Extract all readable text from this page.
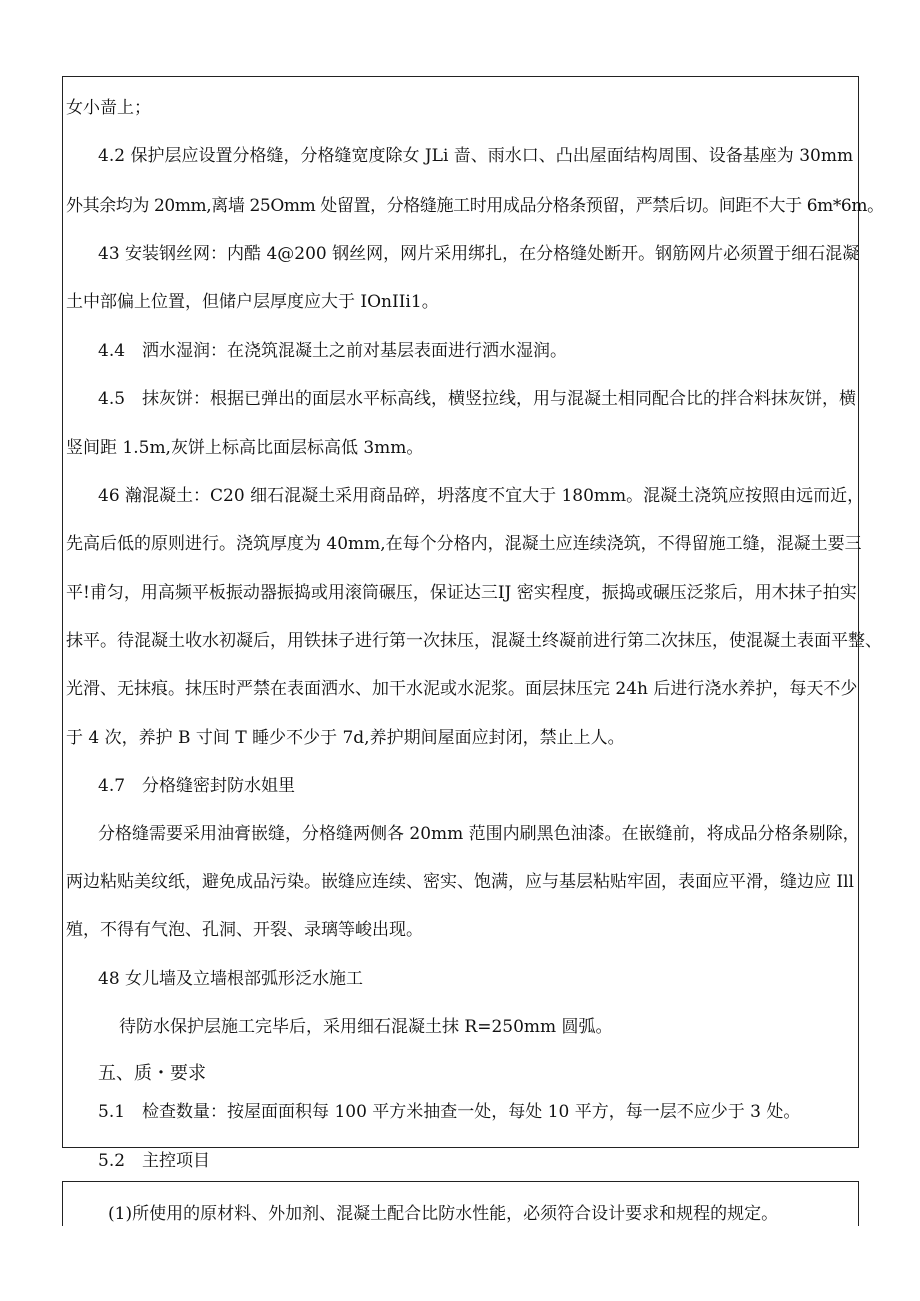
女小啬上；
4.2 保护层应设置分格缝，分格缝宽度除女 JLi 啬、雨水口、凸出屋面结构周围、设备基座为 30mm
外其余均为 20mm,离墙 25O​mm 处留置，分格缝施工时用成品分格条预留，严禁后切。间距不大于 6m*6m。
43 安装钢丝网：内酷 4@200 钢丝网，网片采用绑扎，在分格缝处断开。钢筋网片必须置于细石混凝
土中部偏上位置，但储户层厚度应大于 IOnIIi1。
4.4　洒水湿润：在浇筑混凝土之前对基层表面进行洒水湿润。
4.5　抹灰饼：根据已弹出的面层水平标高线，横竖拉线，用与混凝土相同配合比的拌合料抹灰饼，横
竖间距 1.5m,灰饼上标高比面层标高低 3mm。
46 瀚混凝土：C20 细石混凝土采用商品碎，坍落度不宜大于 180mm。混凝土浇筑应按照由远而近，
先高后低的原则进行。浇筑厚度为 40mm,在每个分格内，混凝土应连续浇筑，不得留施工缝，混凝土要三
平!甫匀，用高频平板振动器振捣或用滚筒碾压，保证达三IJ 密实程度，振捣或碾压泛浆后，用木抹子拍实
抹平。待混凝土收水初凝后，用铁抹子进行第一次抹压，混凝土终凝前进行第二次抹压，使混凝土表面平整、
光滑、无抹痕。抹压时严禁在表面洒水、加干水泥或水泥浆。面层抹压完 24h 后进行浇水养护，每天不少
于 4 次，养护 B 寸间 T 睡少不少于 7d,养护期间屋面应封闭，禁止上人。
4.7　分格缝密封防水姐里
分格缝需要采用油膏嵌缝，分格缝两侧各 20mm 范围内刷黑色油漆。在嵌缝前，将成品分格条剔除，
两边粘贴美纹纸，避免成品污染。嵌缝应连续、密实、饱满，应与基层粘贴牢固，表面应平滑，缝边应 Ill
殖，不得有气泡、孔洞、开裂、录璃等峻出现。
48 女儿墙及立墙根部弧形泛水施工
待防水保护层施工完毕后，采用细石混凝土抹 R=250mm 圆弧。
五、质・要求
5.1　检查数量：按屋面面积每 100 平方米抽查一处，每处 10 平方，每一层不应少于 3 处。
5.2　主控项目
(1)所使用的原材料、外加剂、混凝土配合比防水性能，必须符合设计要求和规程的规定。
